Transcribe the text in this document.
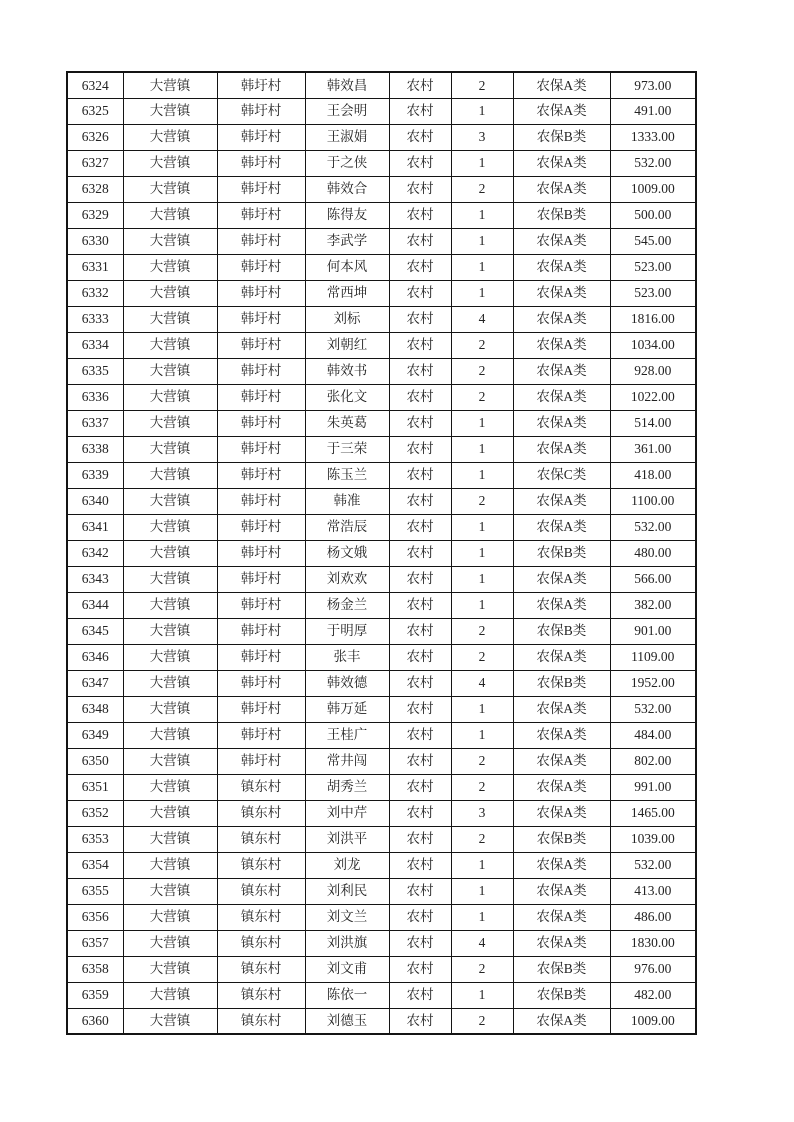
6324	大营镇	韩圩村	韩效昌	农村	2	农保A类	973.00
6325	大营镇	韩圩村	王会明	农村	1	农保A类	491.00
6326	大营镇	韩圩村	王淑娟	农村	3	农保B类	1333.00
6327	大营镇	韩圩村	于之侠	农村	1	农保A类	532.00
6328	大营镇	韩圩村	韩效合	农村	2	农保A类	1009.00
6329	大营镇	韩圩村	陈得友	农村	1	农保B类	500.00
6330	大营镇	韩圩村	李武学	农村	1	农保A类	545.00
6331	大营镇	韩圩村	何本风	农村	1	农保A类	523.00
6332	大营镇	韩圩村	常西坤	农村	1	农保A类	523.00
6333	大营镇	韩圩村	刘标	农村	4	农保A类	1816.00
6334	大营镇	韩圩村	刘朝红	农村	2	农保A类	1034.00
6335	大营镇	韩圩村	韩效书	农村	2	农保A类	928.00
6336	大营镇	韩圩村	张化文	农村	2	农保A类	1022.00
6337	大营镇	韩圩村	朱英葛	农村	1	农保A类	514.00
6338	大营镇	韩圩村	于三荣	农村	1	农保A类	361.00
6339	大营镇	韩圩村	陈玉兰	农村	1	农保C类	418.00
6340	大营镇	韩圩村	韩准	农村	2	农保A类	1100.00
6341	大营镇	韩圩村	常浩辰	农村	1	农保A类	532.00
6342	大营镇	韩圩村	杨文娥	农村	1	农保B类	480.00
6343	大营镇	韩圩村	刘欢欢	农村	1	农保A类	566.00
6344	大营镇	韩圩村	杨金兰	农村	1	农保A类	382.00
6345	大营镇	韩圩村	于明厚	农村	2	农保B类	901.00
6346	大营镇	韩圩村	张丰	农村	2	农保A类	1109.00
6347	大营镇	韩圩村	韩效德	农村	4	农保B类	1952.00
6348	大营镇	韩圩村	韩万延	农村	1	农保A类	532.00
6349	大营镇	韩圩村	王桂广	农村	1	农保A类	484.00
6350	大营镇	韩圩村	常井闯	农村	2	农保A类	802.00
6351	大营镇	镇东村	胡秀兰	农村	2	农保A类	991.00
6352	大营镇	镇东村	刘中芹	农村	3	农保A类	1465.00
6353	大营镇	镇东村	刘洪平	农村	2	农保B类	1039.00
6354	大营镇	镇东村	刘龙	农村	1	农保A类	532.00
6355	大营镇	镇东村	刘利民	农村	1	农保A类	413.00
6356	大营镇	镇东村	刘文兰	农村	1	农保A类	486.00
6357	大营镇	镇东村	刘洪旗	农村	4	农保A类	1830.00
6358	大营镇	镇东村	刘文甫	农村	2	农保B类	976.00
6359	大营镇	镇东村	陈依一	农村	1	农保B类	482.00
6360	大营镇	镇东村	刘德玉	农村	2	农保A类	1009.00
